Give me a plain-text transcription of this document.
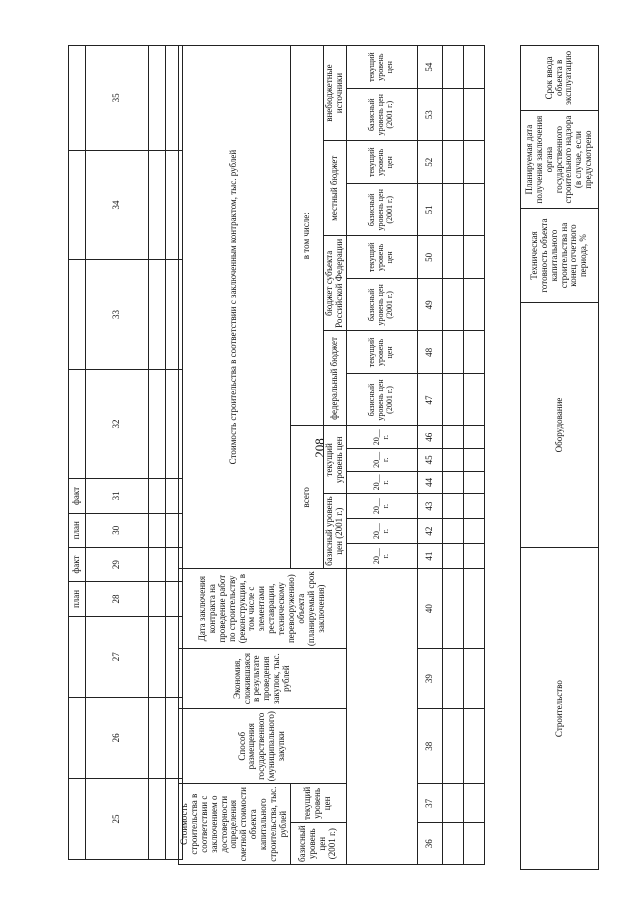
208
			план	факт	план	факт				
25	26	27	28	29	30	31	32	33	34	35

Стоимость строительства в соответствии с заключением о достоверности определения сметной стоимости объекта капитального строительства, тыс. рублей		Способ размещения государственного (муниципального) закупки	Экономия, сложившаяся в результате проведения закупок, тыс. рублей	Дата заключения контракта на проведение работ по строительству (реконструкции, в том числе с элементами реставрации, техническому перевооружению) объекта (планируемый срок заключения)	Стоимость строительства в соответствии с заключенным контрактом, тыс. рублей													
базисный уровень цен (2001 г.)	текущий уровень цен				всего						в том числе:							
					базисный уровень цен (2001 г.)			текущий уровень цен			федеральный бюджет		бюджет субъекта Российской Федерации		местный бюджет		внебюджетные источники	
					20__ г.	20__ г.	20__ г.	20__ г.	20__ г.	20__ г.	базисный уровень цен (2001 г.)	текущий уровень цен	базисный уровень цен (2001 г.)	текущий уровень цен	базисный уровень цен (2001 г.)	текущий уровень цен	базисный уровень цен (2001 г.)	текущий уровень цен
36	37	38	39	40	41	42	43	44	45	46	47	48	49	50	51	52	53	54

Строительство	Оборудование	Техническая готовность объекта капитального строительства на конец отчетного периода, %	Планируемая дата получения заключения органа государственного строительного надзора (в случае, если предусмотрено	Срок ввода объекта в эксплуатацию
